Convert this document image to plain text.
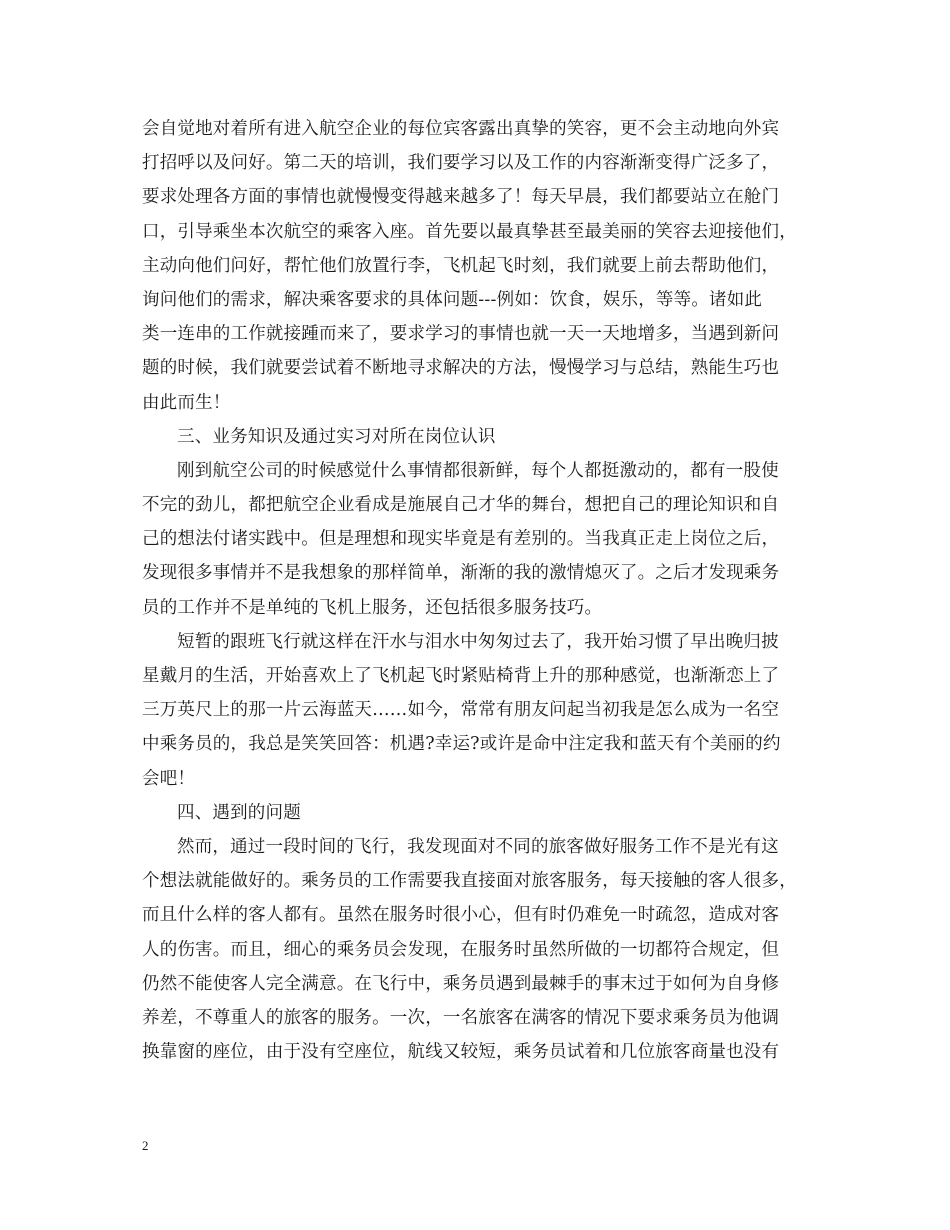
会自觉地对着所有进入航空企业的每位宾客露出真挚的笑容，更不会主动地向外宾
打招呼以及问好。第二天的培训，我们要学习以及工作的内容渐渐变得广泛多了，
要求处理各方面的事情也就慢慢变得越来越多了！每天早晨，我们都要站立在舱门
口，引导乘坐本次航空的乘客入座。首先要以最真挚甚至最美丽的笑容去迎接他们，
主动向他们问好，帮忙他们放置行李，飞机起飞时刻，我们就要上前去帮助他们，
询问他们的需求，解决乘客要求的具体问题---例如：饮食，娱乐，等等。诸如此
类一连串的工作就接踵而来了，要求学习的事情也就一天一天地增多，当遇到新问
题的时候，我们就要尝试着不断地寻求解决的方法，慢慢学习与总结，熟能生巧也
由此而生！
三、业务知识及通过实习对所在岗位认识
刚到航空公司的时候感觉什么事情都很新鲜，每个人都挺激动的，都有一股使
不完的劲儿，都把航空企业看成是施展自己才华的舞台，想把自己的理论知识和自
己的想法付诸实践中。但是理想和现实毕竟是有差别的。当我真正走上岗位之后，
发现很多事情并不是我想象的那样简单，渐渐的我的激情熄灭了。之后才发现乘务
员的工作并不是单纯的飞机上服务，还包括很多服务技巧。
短暂的跟班飞行就这样在汗水与泪水中匆匆过去了，我开始习惯了早出晚归披
星戴月的生活，开始喜欢上了飞机起飞时紧贴椅背上升的那种感觉，也渐渐恋上了
三万英尺上的那一片云海蓝天……如今，常常有朋友问起当初我是怎么成为一名空
中乘务员的，我总是笑笑回答：机遇?幸运?或许是命中注定我和蓝天有个美丽的约
会吧！
四、遇到的问题
然而，通过一段时间的飞行，我发现面对不同的旅客做好服务工作不是光有这
个想法就能做好的。乘务员的工作需要我直接面对旅客服务，每天接触的客人很多，
而且什么样的客人都有。虽然在服务时很小心，但有时仍难免一时疏忽，造成对客
人的伤害。而且，细心的乘务员会发现，在服务时虽然所做的一切都符合规定，但
仍然不能使客人完全满意。在飞行中，乘务员遇到最棘手的事末过于如何为自身修
养差，不尊重人的旅客的服务。一次，一名旅客在满客的情况下要求乘务员为他调
换靠窗的座位，由于没有空座位，航线又较短，乘务员试着和几位旅客商量也没有
2
